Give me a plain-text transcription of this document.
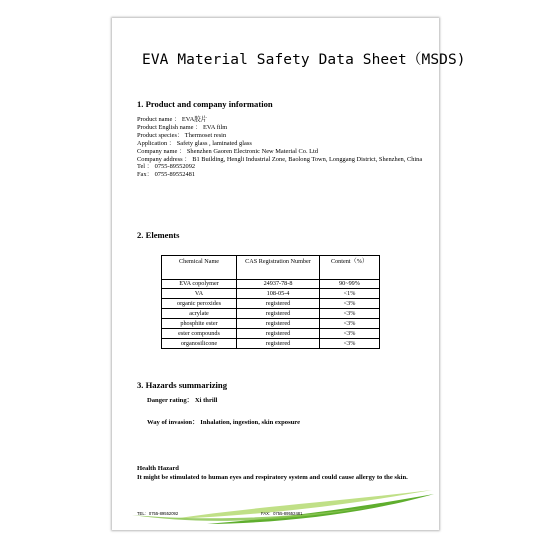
EVA Material Safety Data Sheet（MSDS)
1. Product and company information
Product name ： EVA胶片
Product English name ： EVA film
Product species： Thermoset resin
Application ： Safety glass , laminated glass
Company name ： Shenzhen Gaoren Electronic New Material Co. Ltd
Company address ： B1 Building, Hengli Industrial Zone, Baolong Town, Longgang District, Shenzhen, China
Tel ： 0755-89552092
Fax： 0755-89552481
2. Elements
Chemical Name	CAS Registration Number	Content（%）
EVA copolymer	24937-78-8	90~99%
VA	108-05-4	<1%
organic peroxides	registered	<3%
acrylate	registered	<3%
phosphite ester	registered	<3%
ester compounds	registered	<3%
organosilicone	registered	<3%
3. Hazards summarizing
Danger rating： Xi thrill
Way of invasion： Inhalation, ingestion, skin exposure
Health Hazard
It might be stimulated to human eyes and respiratory system and could cause allergy to the skin.
TEL：0755-89552092	FAX：0755-89552481
